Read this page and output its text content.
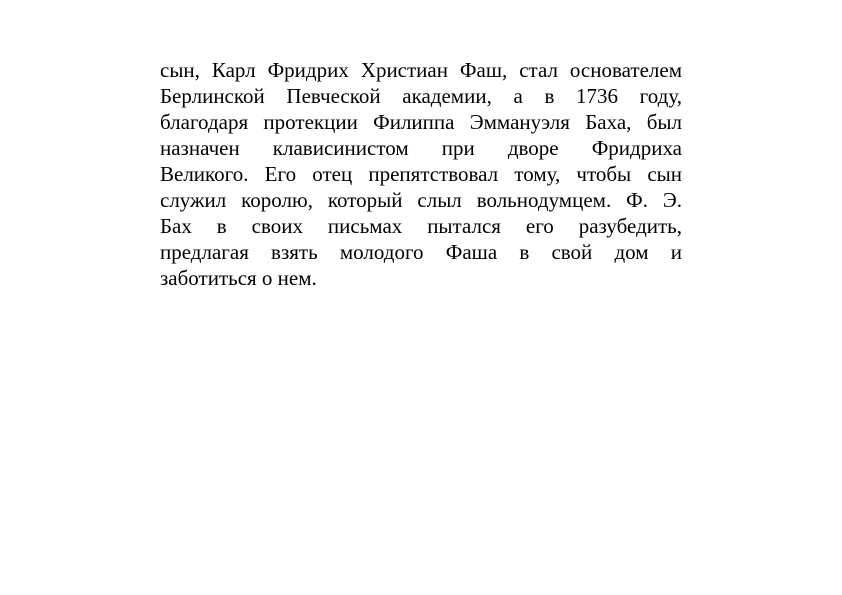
сын, Карл Фридрих Христиан Фаш, стал основателем
Берлинской Певческой академии, а в 1736 году,
благодаря протекции Филиппа Эммануэля Баха, был
назначен клависинистом при дворе Фридриха
Великого. Его отец препятствовал тому, чтобы сын
служил королю, который слыл вольнодумцем. Ф. Э.
Бах в своих письмах пытался его разубедить,
предлагая взять молодого Фаша в свой дом и
заботиться о нем.
